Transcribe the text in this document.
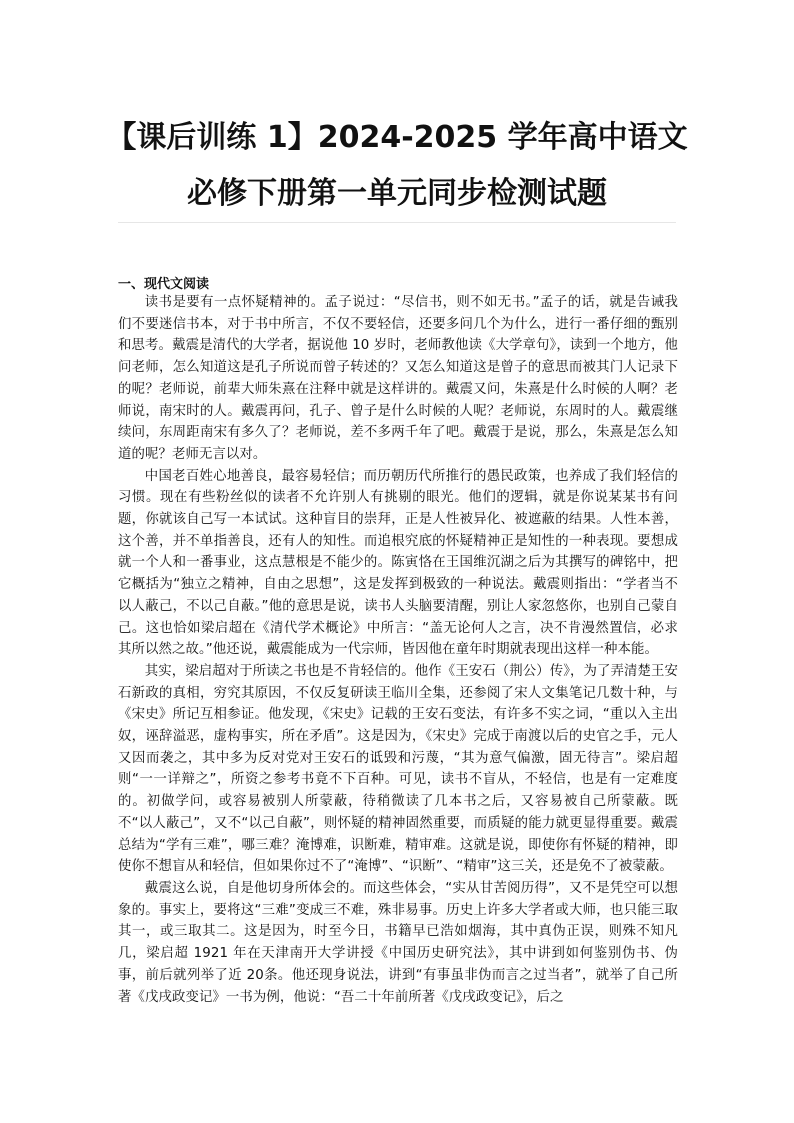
【课后训练 1】2024-2025 学年高中语文
必修下册第一单元同步检测试题
一、现代文阅读

读书是要有一点怀疑精神的。孟子说过：“尽信书，则不如无书。”孟子的话，就是告诫我们不要迷信书本，对于书中所言，不仅不要轻信，还要多问几个为什么，进行一番仔细的甄别和思考。戴震是清代的大学者，据说他 10 岁时，老师教他读《大学章句》，读到一个地方，他问老师，怎么知道这是孔子所说而曾子转述的？又怎么知道这是曾子的意思而被其门人记录下的呢？老师说，前辈大师朱熹在注释中就是这样讲的。戴震又问，朱熹是什么时候的人啊？老师说，南宋时的人。戴震再问，孔子、曾子是什么时候的人呢？老师说，东周时的人。戴震继续问，东周距南宋有多久了？老师说，差不多两千年了吧。戴震于是说，那么，朱熹是怎么知道的呢？老师无言以对。

中国老百姓心地善良，最容易轻信；而历朝历代所推行的愚民政策，也养成了我们轻信的习惯。现在有些粉丝似的读者不允许别人有挑剔的眼光。他们的逻辑，就是你说某某书有问题，你就该自己写一本试试。这种盲目的崇拜，正是人性被异化、被遮蔽的结果。人性本善，这个善，并不单指善良，还有人的知性。而追根究底的怀疑精神正是知性的一种表现。要想成就一个人和一番事业，这点慧根是不能少的。陈寅恪在王国维沉湖之后为其撰写的碑铭中，把它概括为“独立之精神，自由之思想”，这是发挥到极致的一种说法。戴震则指出：“学者当不以人蔽己，不以己自蔽。”他的意思是说，读书人头脑要清醒，别让人家忽悠你，也别自己蒙自己。这也恰如梁启超在《清代学术概论》中所言：“盖无论何人之言，决不肯漫然置信，必求其所以然之故。”他还说，戴震能成为一代宗师，皆因他在童年时期就表现出这样一种本能。

其实，梁启超对于所读之书也是不肯轻信的。他作《王安石（荆公）传》，为了弄清楚王安石新政的真相，穷究其原因，不仅反复研读王临川全集，还参阅了宋人文集笔记几数十种，与《宋史》所记互相参证。他发现，《宋史》记载的王安石变法，有许多不实之词，“重以入主出奴，诬辞溢恶，虚构事实，所在矛盾”。这是因为，《宋史》完成于南渡以后的史官之手，元人又因而袭之，其中多为反对党对王安石的诋毁和污蔑，“其为意气偏激，固无待言”。梁启超则“一一详辩之”，所资之参考书竟不下百种。可见，读书不盲从，不轻信，也是有一定难度的。初做学问，或容易被别人所蒙蔽，待稍微读了几本书之后，又容易被自己所蒙蔽。既不“以人蔽己”，又不“以己自蔽”，则怀疑的精神固然重要，而质疑的能力就更显得重要。戴震总结为“学有三难”，哪三难？淹博难，识断难，精审难。这就是说，即使你有怀疑的精神，即使你不想盲从和轻信，但如果你过不了“淹博”、“识断”、“精审”这三关，还是免不了被蒙蔽。

戴震这么说，自是他切身所体会的。而这些体会，“实从甘苦阅历得”，又不是凭空可以想象的。事实上，要将这“三难”变成三不难，殊非易事。历史上许多大学者或大师，也只能三取其一，或三取其二。这是因为，时至今日，书籍早已浩如烟海，其中真伪正误，则殊不知凡几，梁启超 1921 年在天津南开大学讲授《中国历史研究法》，其中讲到如何鉴别伪书、伪事，前后就列举了近 20条。他还现身说法，讲到“有事虽非伪而言之过当者”，就举了自己所著《戊戌政变记》一书为例，他说：“吾二十年前所著《戊戌政变记》，后之
